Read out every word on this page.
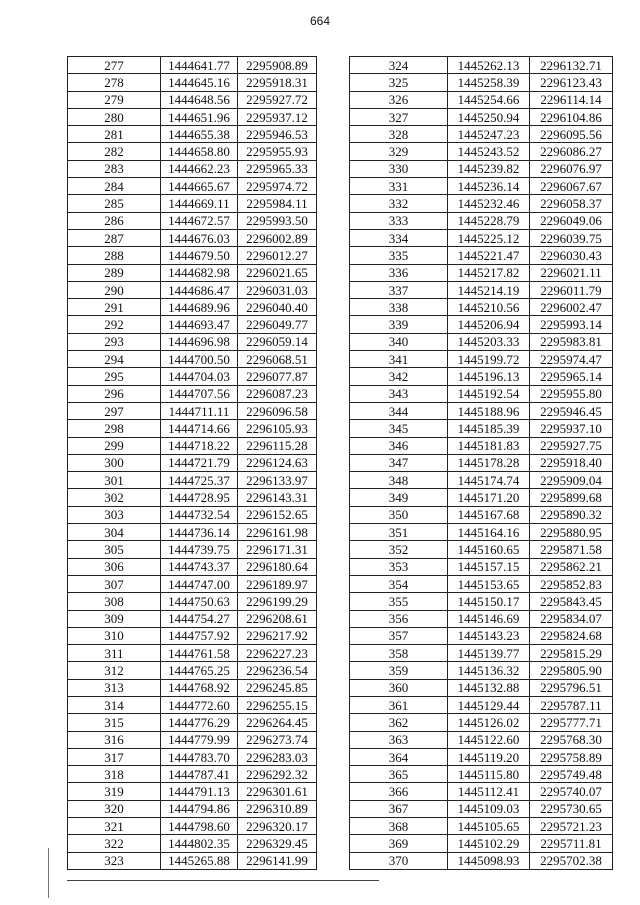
664
277	1444641.77	2295908.89
278	1444645.16	2295918.31
279	1444648.56	2295927.72
280	1444651.96	2295937.12
281	1444655.38	2295946.53
282	1444658.80	2295955.93
283	1444662.23	2295965.33
284	1444665.67	2295974.72
285	1444669.11	2295984.11
286	1444672.57	2295993.50
287	1444676.03	2296002.89
288	1444679.50	2296012.27
289	1444682.98	2296021.65
290	1444686.47	2296031.03
291	1444689.96	2296040.40
292	1444693.47	2296049.77
293	1444696.98	2296059.14
294	1444700.50	2296068.51
295	1444704.03	2296077.87
296	1444707.56	2296087.23
297	1444711.11	2296096.58
298	1444714.66	2296105.93
299	1444718.22	2296115.28
300	1444721.79	2296124.63
301	1444725.37	2296133.97
302	1444728.95	2296143.31
303	1444732.54	2296152.65
304	1444736.14	2296161.98
305	1444739.75	2296171.31
306	1444743.37	2296180.64
307	1444747.00	2296189.97
308	1444750.63	2296199.29
309	1444754.27	2296208.61
310	1444757.92	2296217.92
311	1444761.58	2296227.23
312	1444765.25	2296236.54
313	1444768.92	2296245.85
314	1444772.60	2296255.15
315	1444776.29	2296264.45
316	1444779.99	2296273.74
317	1444783.70	2296283.03
318	1444787.41	2296292.32
319	1444791.13	2296301.61
320	1444794.86	2296310.89
321	1444798.60	2296320.17
322	1444802.35	2296329.45
323	1445265.88	2296141.99
324	1445262.13	2296132.71
325	1445258.39	2296123.43
326	1445254.66	2296114.14
327	1445250.94	2296104.86
328	1445247.23	2296095.56
329	1445243.52	2296086.27
330	1445239.82	2296076.97
331	1445236.14	2296067.67
332	1445232.46	2296058.37
333	1445228.79	2296049.06
334	1445225.12	2296039.75
335	1445221.47	2296030.43
336	1445217.82	2296021.11
337	1445214.19	2296011.79
338	1445210.56	2296002.47
339	1445206.94	2295993.14
340	1445203.33	2295983.81
341	1445199.72	2295974.47
342	1445196.13	2295965.14
343	1445192.54	2295955.80
344	1445188.96	2295946.45
345	1445185.39	2295937.10
346	1445181.83	2295927.75
347	1445178.28	2295918.40
348	1445174.74	2295909.04
349	1445171.20	2295899.68
350	1445167.68	2295890.32
351	1445164.16	2295880.95
352	1445160.65	2295871.58
353	1445157.15	2295862.21
354	1445153.65	2295852.83
355	1445150.17	2295843.45
356	1445146.69	2295834.07
357	1445143.23	2295824.68
358	1445139.77	2295815.29
359	1445136.32	2295805.90
360	1445132.88	2295796.51
361	1445129.44	2295787.11
362	1445126.02	2295777.71
363	1445122.60	2295768.30
364	1445119.20	2295758.89
365	1445115.80	2295749.48
366	1445112.41	2295740.07
367	1445109.03	2295730.65
368	1445105.65	2295721.23
369	1445102.29	2295711.81
370	1445098.93	2295702.38
